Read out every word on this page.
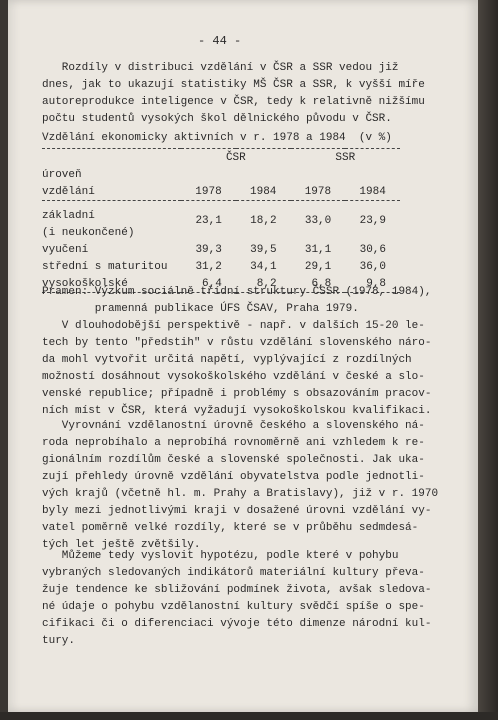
- 44 -

Rozdíly v distribuci vzdělání v ČSR a SSR vedou již
dnes, jak to ukazují statistiky MŠ ČSR a SSR, k vyšší míře
autoreprodukce inteligence v ČSR, tedy k relativně nižšímu
počtu studentů vysokých škol dělnického původu v ČSR.

Vzdělání ekonomicky aktivních v r. 1978 a 1984  (v %)
	ČSR		SSR	
úroveň				
vzdělání	1978	1984	1978	1984
základní	23,1	18,2	33,0	23,9
(i neukončené)				
vyučení	39,3	39,5	31,1	30,6
střední s maturitou	31,2	34,1	29,1	36,0
vysokoškolské	6,4	8,2	6,8	9,8
Pramen: Výzkum sociálně třídní struktury ČSSR (1978, 1984),
pramenná publikace ÚFS ČSAV, Praha 1979.

V dlouhodobější perspektivě - např. v dalších 15-20 le-
tech by tento "předstih" v růstu vzdělání slovenského náro-
da mohl vytvořit určitá napětí, vyplývající z rozdílných
možností dosáhnout vysokoškolského vzdělání v české a slo-
venské republice; případně i problémy s obsazováním pracov-
ních míst v ČSR, která vyžadují vysokoškolskou kvalifikaci.

Vyrovnání vzdělanostní úrovně českého a slovenského ná-
roda neprobíhalo a neprobíhá rovnoměrně ani vzhledem k re-
gionálním rozdílům české a slovenské společnosti. Jak uka-
zují přehledy úrovně vzdělání obyvatelstva podle jednotli-
vých krajů (včetně hl. m. Prahy a Bratislavy), již v r. 1970
byly mezi jednotlivými kraji v dosažené úrovni vzdělání vy-
vatel poměrně velké rozdíly, které se v průběhu sedmdesá-
tých let ještě zvětšily.

Můžeme tedy vyslovit hypotézu, podle které v pohybu
vybraných sledovaných indikátorů materiální kultury převa-
žuje tendence ke sbližování podmínek života, avšak sledova-
né údaje o pohybu vzdělanostní kultury svědčí spíše o spe-
cifikaci či o diferenciaci vývoje této dimenze národní kul-
tury.
